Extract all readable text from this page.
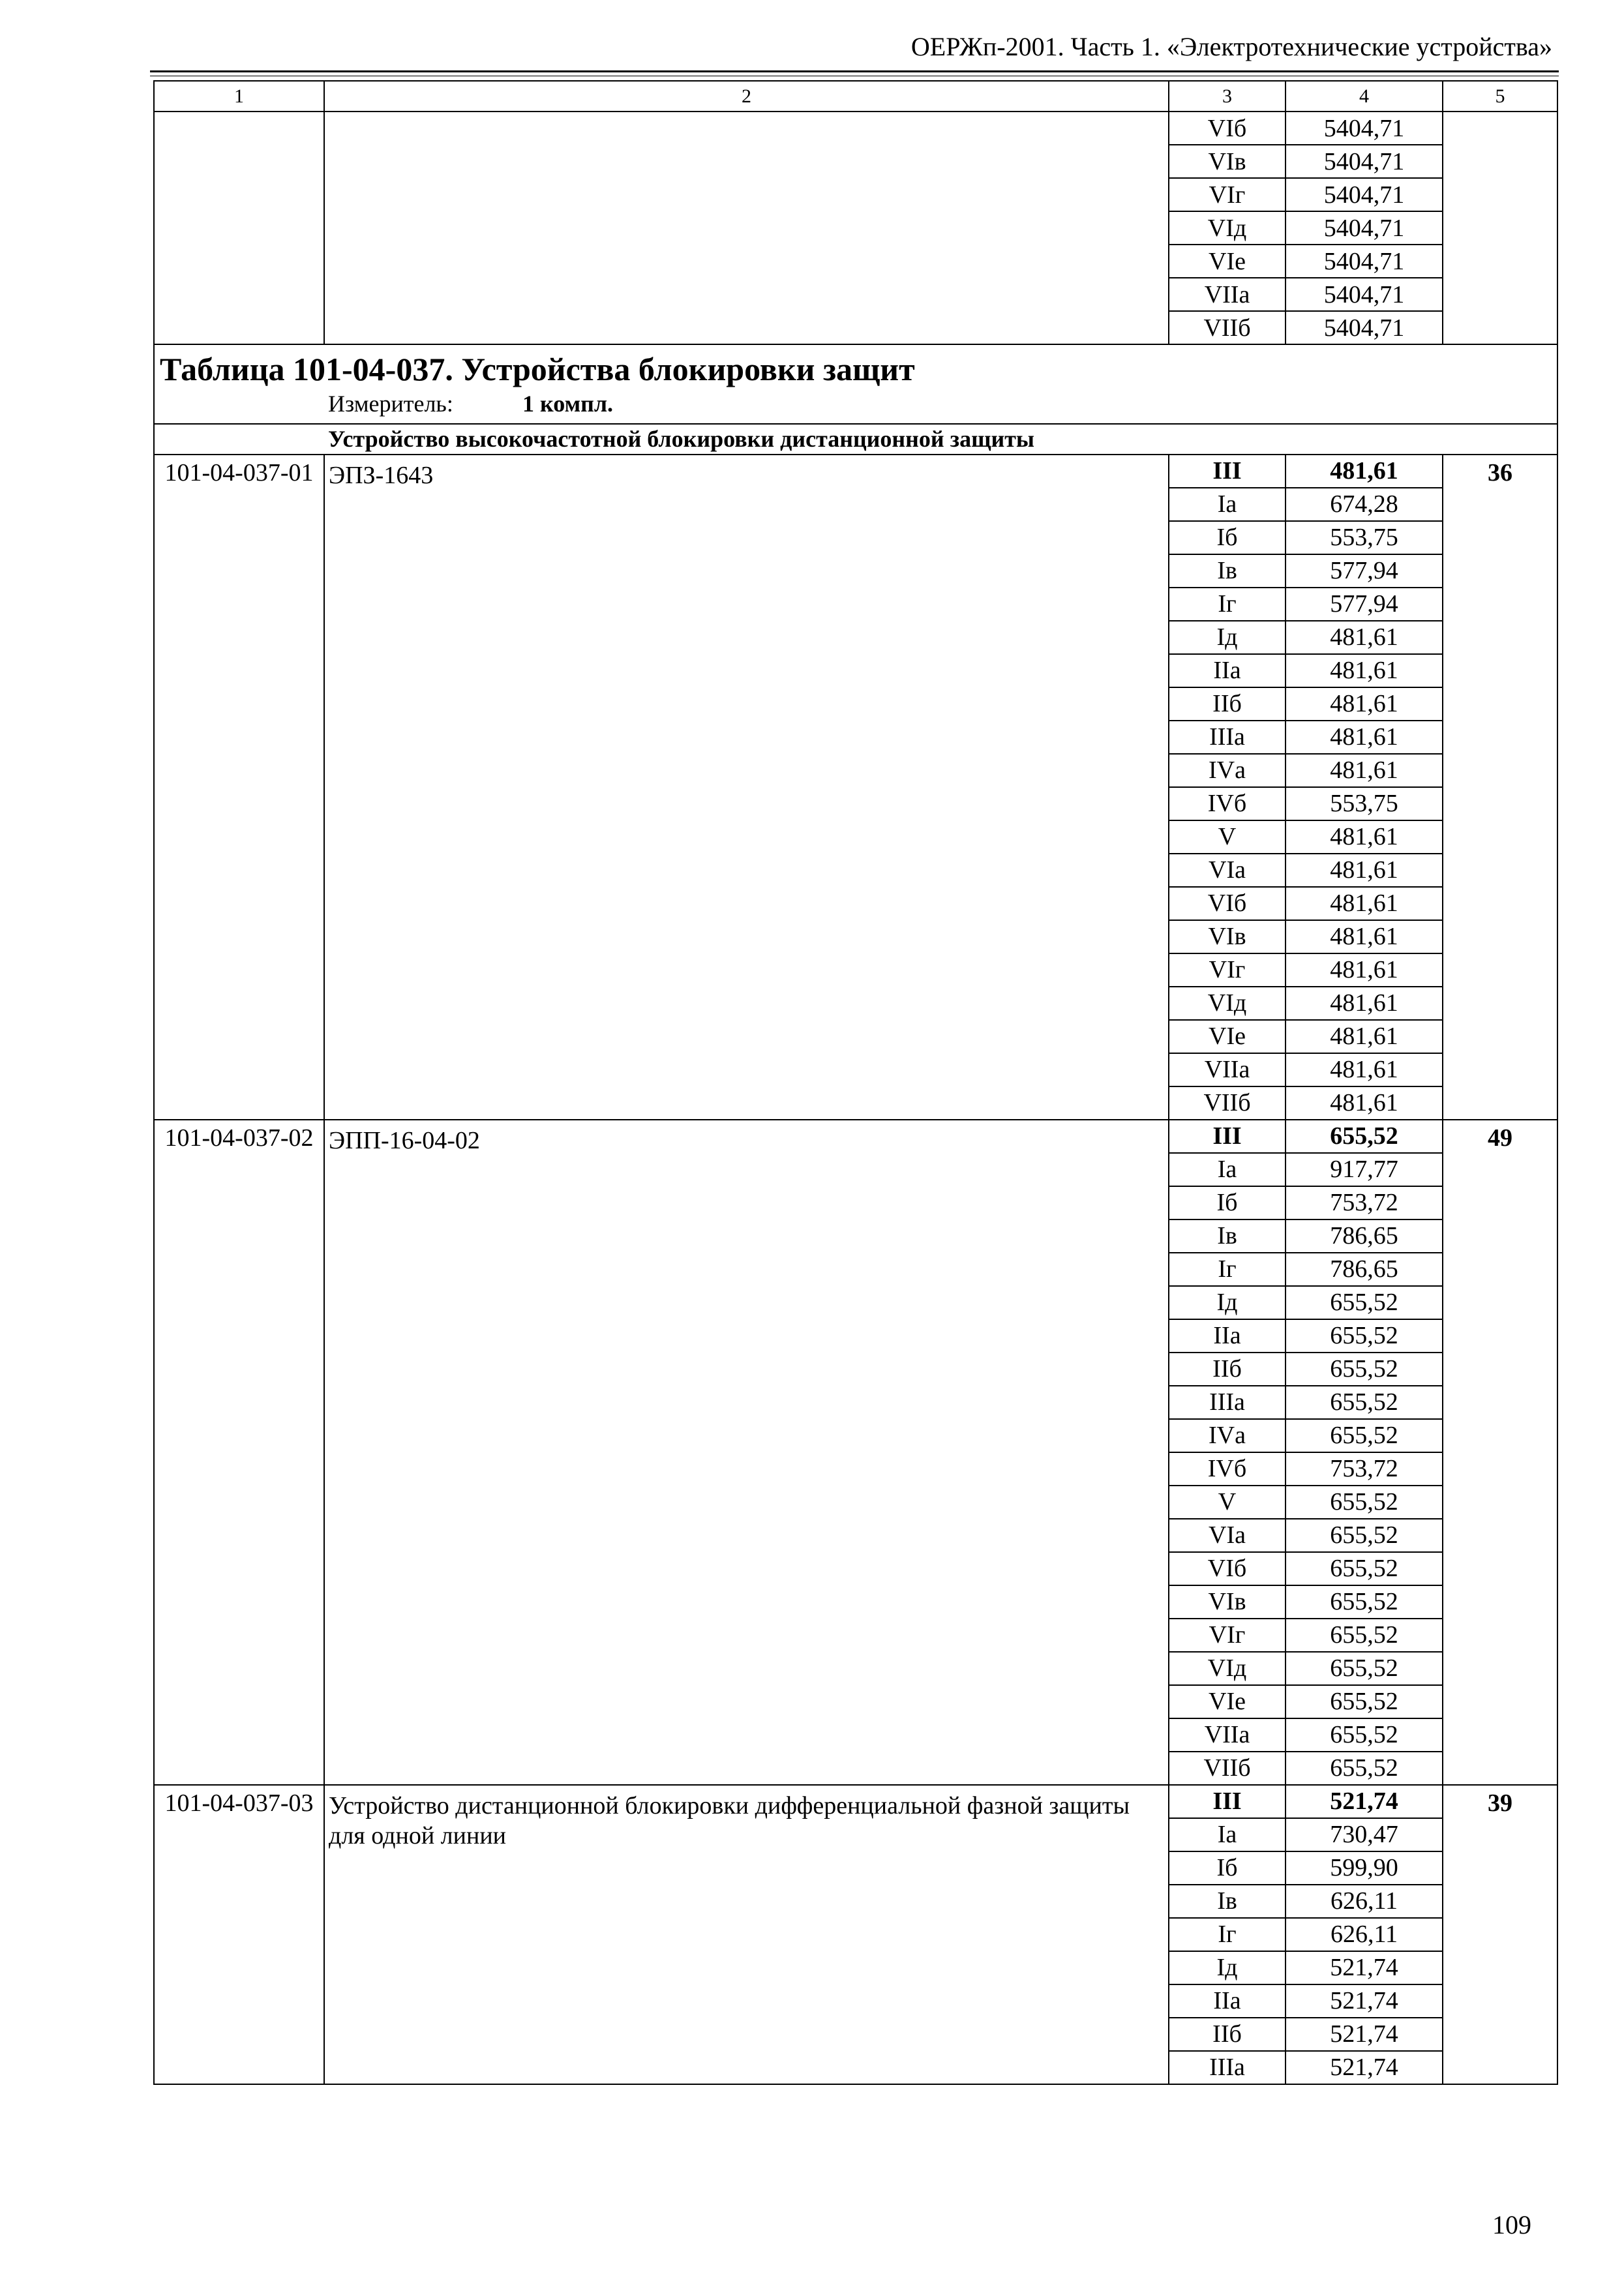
ОЕРЖп-2001. Часть 1. «Электротехнические устройства»
1	2	3	4	5
		VIб	5404,71	
		VIв	5404,71	
		VIг	5404,71	
		VIд	5404,71	
		VIе	5404,71	
		VIIа	5404,71	
		VIIб	5404,71	

Таблица 101-04-037. Устройства блокировки защит
Измеритель: 1 компл.				

Устройство высокочастотной блокировки дистанционной защиты				
101-04-037-01	ЭПЗ-1643	III	481,61	36
		Iа	674,28	
		Iб	553,75	
		Iв	577,94	
		Iг	577,94	
		Iд	481,61	
		IIа	481,61	
		IIб	481,61	
		IIIа	481,61	
		IVа	481,61	
		IVб	553,75	
		V	481,61	
		VIа	481,61	
		VIб	481,61	
		VIв	481,61	
		VIг	481,61	
		VIд	481,61	
		VIе	481,61	
		VIIа	481,61	
		VIIб	481,61	
101-04-037-02	ЭПП-16-04-02	III	655,52	49
		Iа	917,77	
		Iб	753,72	
		Iв	786,65	
		Iг	786,65	
		Iд	655,52	
		IIа	655,52	
		IIб	655,52	
		IIIа	655,52	
		IVа	655,52	
		IVб	753,72	
		V	655,52	
		VIа	655,52	
		VIб	655,52	
		VIв	655,52	
		VIг	655,52	
		VIд	655,52	
		VIе	655,52	
		VIIа	655,52	
		VIIб	655,52	
101-04-037-03	Устройство дистанционной блокировки дифференциальной фазной защиты для одной линии	III	521,74	39
		Iа	730,47	
		Iб	599,90	
		Iв	626,11	
		Iг	626,11	
		Iд	521,74	
		IIа	521,74	
		IIб	521,74	
		IIIа	521,74	
109
